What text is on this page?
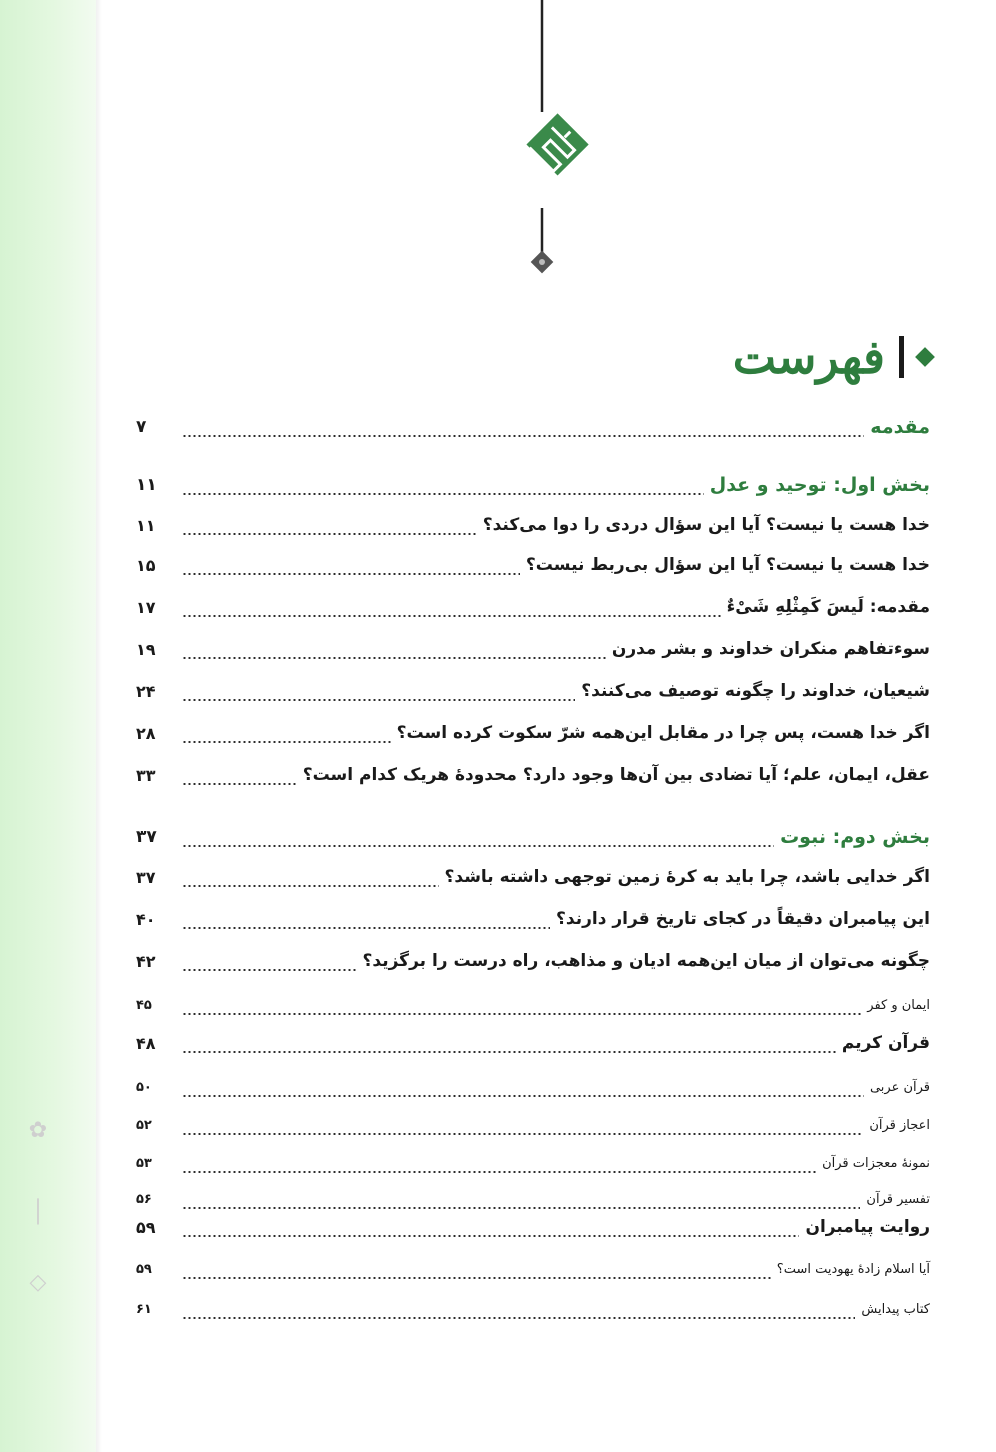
✿
│
◇
فهرست
مقدمه
۷
بخش اول: توحید و عدل
۱۱
خدا هست یا نیست؟ آیا این سؤال دردی را دوا می‌کند؟
۱۱
خدا هست یا نیست؟ آیا این سؤال بی‌ربط نیست؟
۱۵
مقدمه: لَیسَ کَمِثْلِهِ شَیْءٌ
۱۷
سوء‌تفاهم منکران خداوند و بشر مدرن
۱۹
شیعیان، خداوند را چگونه توصیف می‌کنند؟
۲۴
اگر خدا هست، پس چرا در مقابل این‌همه شرّ سکوت کرده است؟
۲۸
عقل، ایمان، علم؛ آیا تضادی بین آن‌ها وجود دارد؟ محدودهٔ هریک کدام است؟
۳۳
بخش دوم: نبوت
۳۷
اگر خدایی باشد، چرا باید به کرهٔ زمین توجهی داشته باشد؟
۳۷
این پیامبران دقیقاً در کجای تاریخ قرار دارند؟
۴۰
چگونه می‌توان از میان این‌همه ادیان و مذاهب، راه درست را برگزید؟
۴۲
ایمان و کفر
۴۵
قرآن کریم
۴۸
قرآن عربی
۵۰
اعجاز قرآن
۵۲
نمونهٔ معجزات قرآن
۵۳
تفسیر قرآن
۵۶
روایت پیامبران
۵۹
آیا اسلام زادهٔ یهودیت است؟
۵۹
کتاب پیدایش
۶۱
